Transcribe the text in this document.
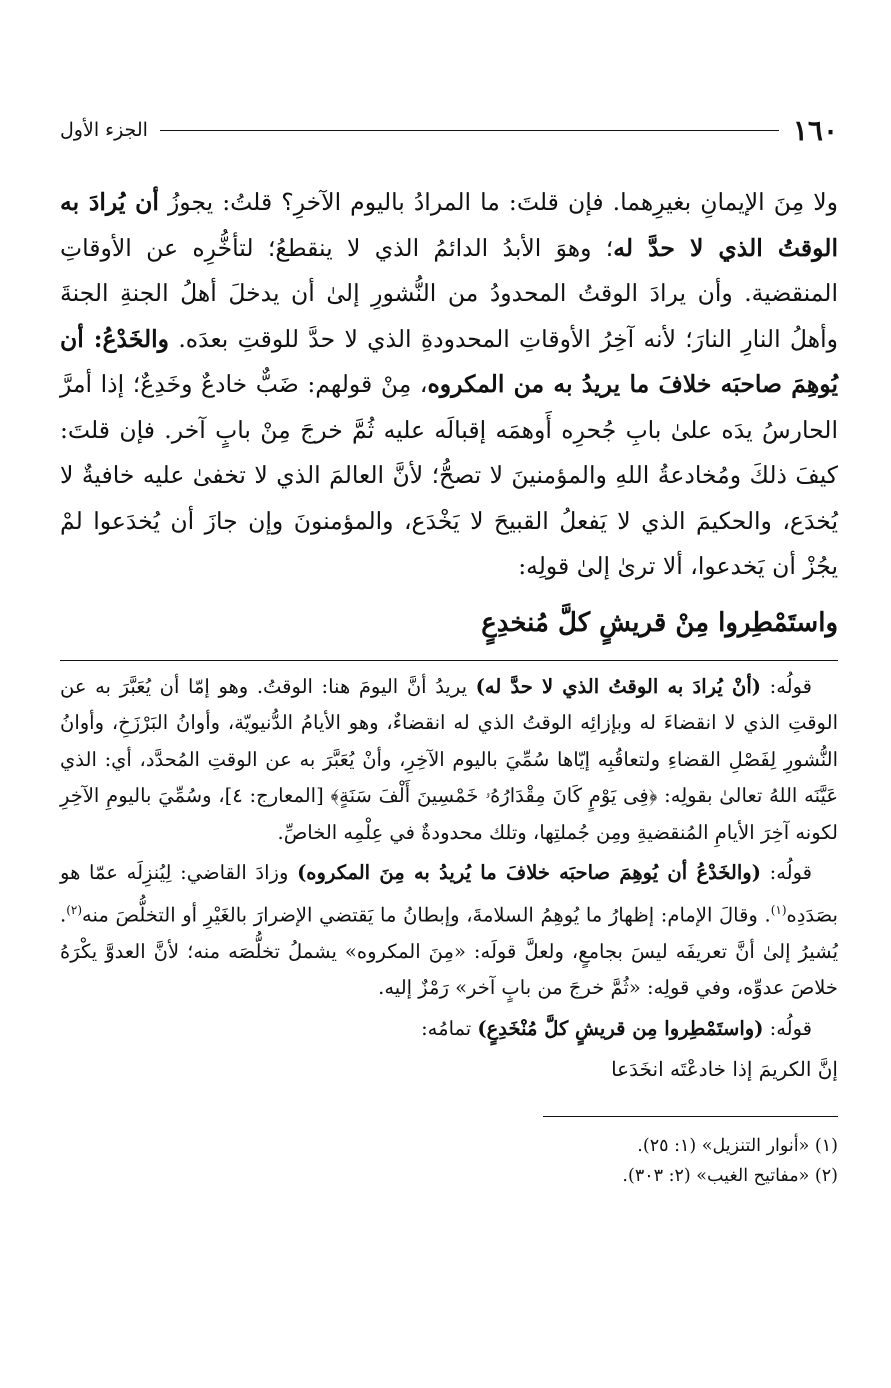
١٦٠
الجزء الأول

ولا مِنَ الإيمانِ بغيرِهما. فإن قلتَ: ما المرادُ باليوم الآخرِ؟ قلتُ: يجوزُ أن يُرادَ به الوقتُ الذي لا حدَّ له؛ وهوَ الأبدُ الدائمُ الذي لا ينقطعُ؛ لتأخُّرِه عن الأوقاتِ المنقضية. وأن يرادَ الوقتُ المحدودُ من النُّشورِ إلىٰ أن يدخلَ أهلُ الجنةِ الجنةَ وأهلُ النارِ النارَ؛ لأنه آخِرُ الأوقاتِ المحدودةِ الذي لا حدَّ للوقتِ بعدَه. والخَدْعُ: أن يُوهِمَ صاحبَه خلافَ ما يريدُ به من المكروه، مِنْ قولهم: ضَبٌّ خادعٌ وخَدِعٌ؛ إذا أمرَّ الحارسُ يدَه علىٰ بابِ جُحرِه أَوهمَه إقبالَه عليه ثُمَّ خرجَ مِنْ بابٍ آخر. فإن قلتَ: كيفَ ذلكَ ومُخادعةُ اللهِ والمؤمنينَ لا تصحُّ؛ لأنَّ العالمَ الذي لا تخفىٰ عليه خافيةٌ لا يُخدَع، والحكيمَ الذي لا يَفعلُ القبيحَ لا يَخْدَع، والمؤمنونَ وإن جازَ أن يُخدَعوا لمْ يجُزْ أن يَخدعوا، ألا ترىٰ إلىٰ قولِه:

واستَمْطِروا مِنْ قريشٍ كلَّ مُنخدِعٍ

قولُه: (أنْ يُرادَ به الوقتُ الذي لا حدَّ له) يريدُ أنَّ اليومَ هنا: الوقتُ. وهو إمّا أن يُعَبَّرَ به عن الوقتِ الذي لا انقضاءَ له وبإزائِه الوقتُ الذي له انقضاءٌ، وهو الأيامُ الدُّنيويّة، وأوانُ البَرْزَخِ، وأوانُ النُّشورِ لِفَصْلِ القضاءِ ولتعاقُبِه إيّاها سُمِّيَ باليوم الآخِرِ، وأنْ يُعَبَّرَ به عن الوقتِ المُحدَّد، أي: الذي عَيَّنَه اللهُ تعالىٰ بقولِه: ﴿فِى يَوْمٍ كَانَ مِقْدَارُهُۥ خَمْسِينَ أَلْفَ سَنَةٍ﴾ [المعارج: ٤]، وسُمِّيَ باليومِ الآخِرِ لكونه آخِرَ الأيامِ المُنقضيةِ ومِن جُملتِها، وتلك محدودةٌ في عِلْمِه الخاصِّ.

قولُه: (والخَدْعُ أن يُوهِمَ صاحبَه خلافَ ما يُريدُ به مِنَ المكروه) وزادَ القاضي: لِيُنزِلَه عمّا هو بصَدَدِه$^{(١)}$. وقالَ الإمام: إظهارُ ما يُوهِمُ السلامةَ، وإبطانُ ما يَقتضي الإضرارَ بالغَيْرِ أو التخلُّصَ منه$^{(٢)}$. يُشيرُ إلىٰ أنَّ تعريفَه ليسَ بجامعٍ، ولعلَّ قولَه: «مِنَ المكروه» يشملُ تخلُّصَه منه؛ لأنَّ العدوَّ يكْرَهُ خلاصَ عدوِّه، وفي قولِه: «ثُمَّ خرجَ من بابٍ آخر» رَمْزٌ إليه.

قولُه: (واستَمْطِروا مِن قريشٍ كلَّ مُنْخَدِعٍ) تمامُه:

إنَّ الكريمَ إذا خادعْتَه انخَدَعا

(١) «أنوار التنزيل» (١: ٢٥).
(٢) «مفاتيح الغيب» (٢: ٣٠٣).
